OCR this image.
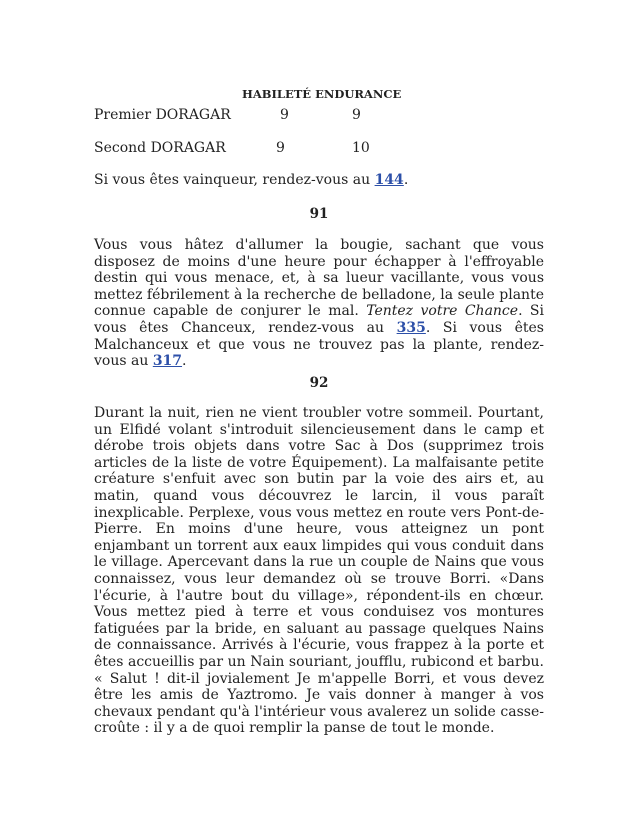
HABILETÉ ENDURANCE
Premier DORAGAR	9	9
Second DORAGAR	9	10
Si vous êtes vainqueur, rendez-vous au 144.
91
Vous vous hâtez d'allumer la bougie, sachant que vous disposez de moins d'une heure pour échapper à l'effroyable destin qui vous menace, et, à sa lueur vacillante, vous vous mettez fébrilement à la recherche de belladone, la seule plante connue capable de conjurer le mal. Tentez votre Chance. Si vous êtes Chanceux, rendez-vous au 335. Si vous êtes Malchanceux et que vous ne trouvez pas la plante, rendez-vous au 317.
92
Durant la nuit, rien ne vient troubler votre sommeil. Pourtant, un Elfidé volant s'introduit silencieusement dans le camp et dérobe trois objets dans votre Sac à Dos (supprimez trois articles de la liste de votre Équipement). La malfaisante petite créature s'enfuit avec son butin par la voie des airs et, au matin, quand vous découvrez le larcin, il vous paraît inexplicable. Perplexe, vous vous mettez en route vers Pont-de-Pierre. En moins d'une heure, vous atteignez un pont enjambant un torrent aux eaux limpides qui vous conduit dans le village. Apercevant dans la rue un couple de Nains que vous connaissez, vous leur demandez où se trouve Borri. «Dans l'écurie, à l'autre bout du village», répondent-ils en chœur. Vous mettez pied à terre et vous conduisez vos montures fatiguées par la bride, en saluant au passage quelques Nains de connaissance. Arrivés à l'écurie, vous frappez à la porte et êtes accueillis par un Nain souriant, joufflu, rubicond et barbu. « Salut ! dit-il jovialement Je m'appelle Borri, et vous devez être les amis de Yaztromo. Je vais donner à manger à vos chevaux pendant qu'à l'intérieur vous avalerez un solide casse-croûte : il y a de quoi remplir la panse de tout le monde.
